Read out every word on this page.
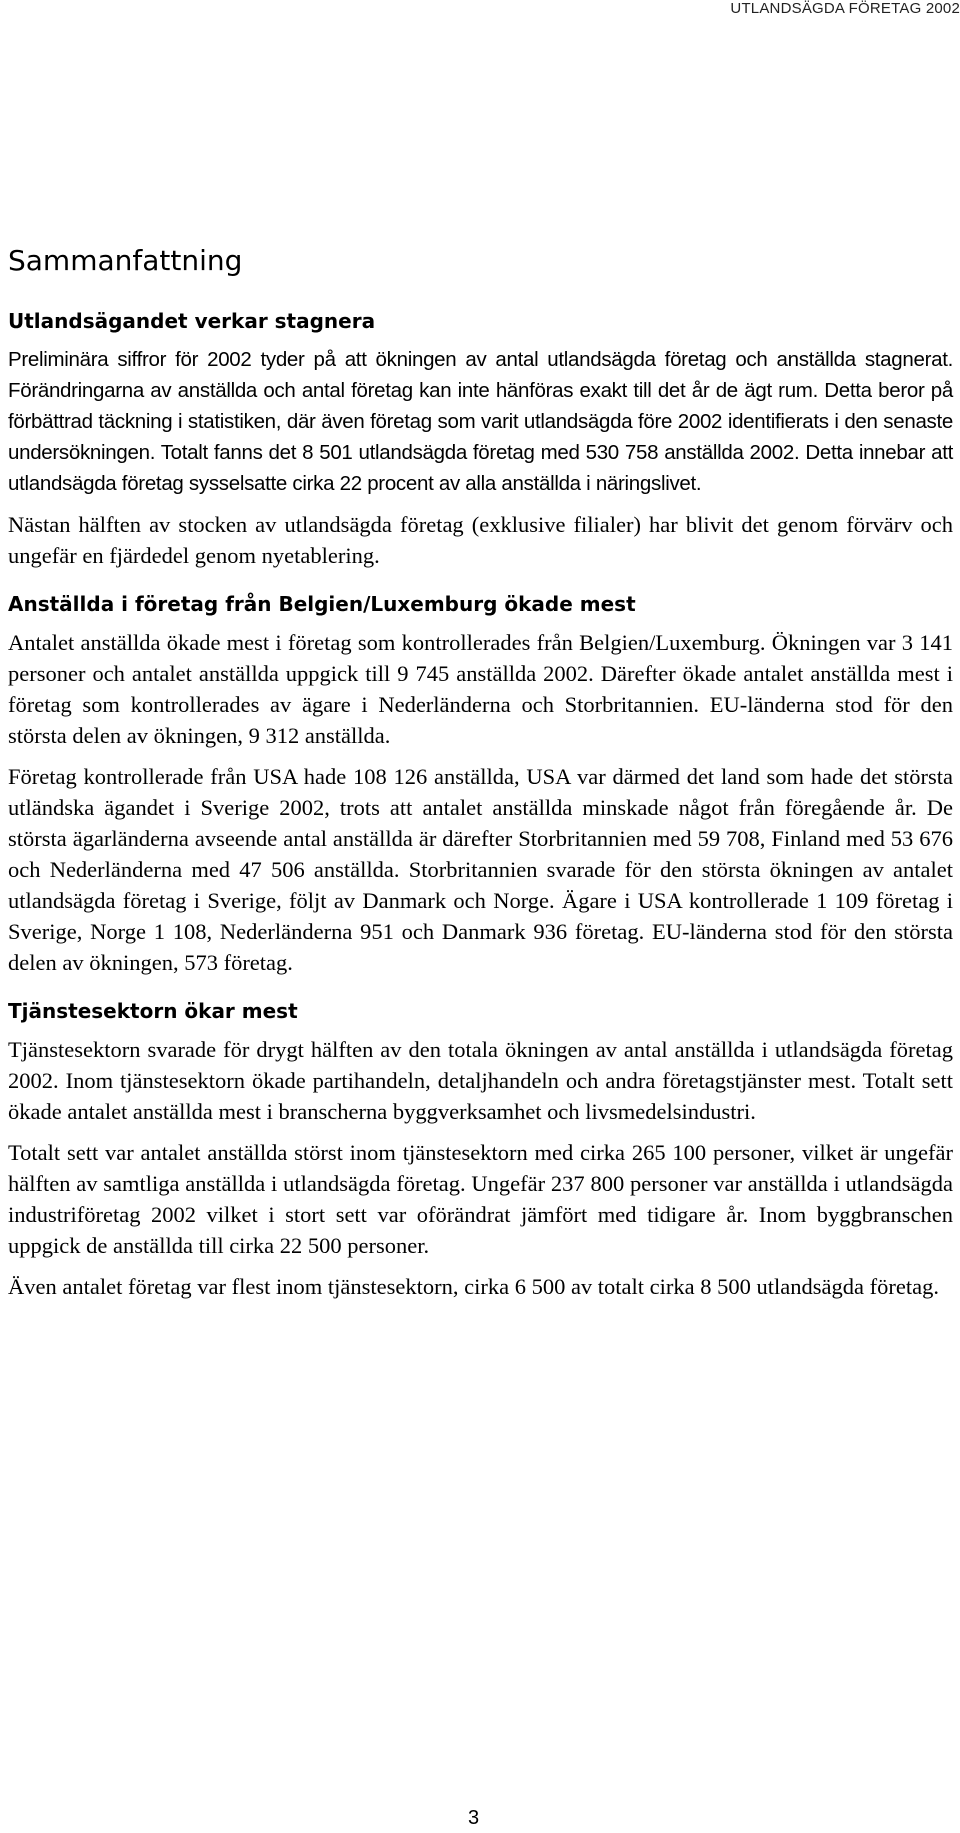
UTLANDSÄGDA FÖRETAG 2002
Sammanfattning
Utlandsägandet verkar stagnera

Preliminära siffror för 2002 tyder på att ökningen av antal utlandsägda företag och anställda stagnerat. Förändringarna av anställda och antal företag kan inte hänföras exakt till det år de ägt rum. Detta beror på förbättrad täckning i statistiken, där även företag som varit utlandsägda före 2002 identifierats i den senaste undersökningen. Totalt fanns det 8 501 utlandsägda företag med 530 758 anställda 2002. Detta innebar att utlandsägda företag sysselsatte cirka 22 procent av alla anställda i näringslivet.

Nästan hälften av stocken av utlandsägda företag (exklusive filialer) har blivit det genom förvärv och ungefär en fjärdedel genom nyetablering.

Anställda i företag från Belgien/Luxemburg ökade mest

Antalet anställda ökade mest i företag som kontrollerades från Belgien/Luxemburg. Ökningen var 3 141 personer och antalet anställda uppgick till 9 745 anställda 2002. Därefter ökade antalet anställda mest i företag som kontrollerades av ägare i Nederländerna och Storbritannien. EU-länderna stod för den största delen av ökningen, 9 312 anställda.

Företag kontrollerade från USA hade 108 126 anställda, USA var därmed det land som hade det största utländska ägandet i Sverige 2002, trots att antalet anställda minskade något från föregående år. De största ägarländerna avseende antal anställda är därefter Storbritannien med 59 708, Finland med 53 676 och Nederländerna med 47 506 anställda. Storbritannien svarade för den största ökningen av antalet utlandsägda företag i Sverige, följt av Danmark och Norge. Ägare i USA kontrollerade 1 109 företag i Sverige, Norge 1 108, Nederländerna 951 och Danmark 936 företag. EU-länderna stod för den största delen av ökningen, 573 företag.

Tjänstesektorn ökar mest

Tjänstesektorn svarade för drygt hälften av den totala ökningen av antal anställda i utlandsägda företag 2002. Inom tjänstesektorn ökade partihandeln, detaljhandeln och andra företagstjänster mest. Totalt sett ökade antalet anställda mest i branscherna byggverksamhet och livsmedelsindustri.

Totalt sett var antalet anställda störst inom tjänstesektorn med cirka 265 100 personer, vilket är ungefär hälften av samtliga anställda i utlandsägda företag. Ungefär 237 800 personer var anställda i utlandsägda industriföretag 2002 vilket i stort sett var oförändrat jämfört med tidigare år. Inom byggbranschen uppgick de anställda till cirka 22 500 personer.

Även antalet företag var flest inom tjänstesektorn, cirka 6 500 av totalt cirka 8 500 utlandsägda företag.

3
